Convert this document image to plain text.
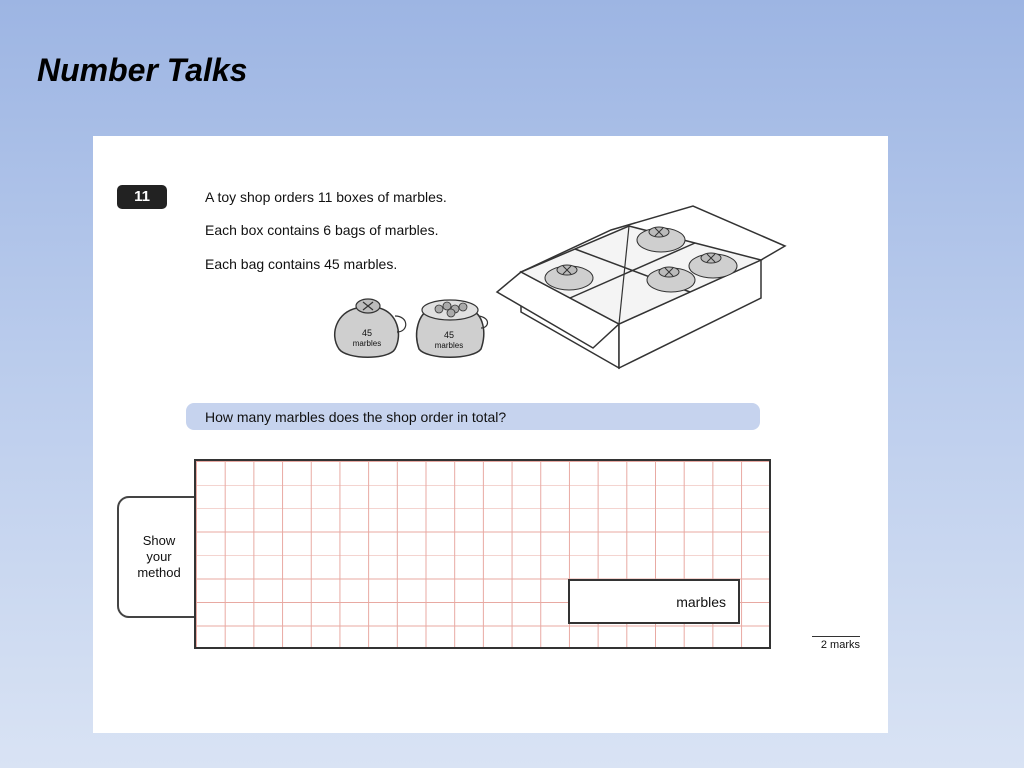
Number Talks
11	A toy shop orders 11 boxes of marbles.
Each box contains 6 bags of marbles.
Each bag contains 45 marbles.
45
marbles
45
marbles
How many marbles does the shop order in total?
Show
your
method
marbles
2 marks
